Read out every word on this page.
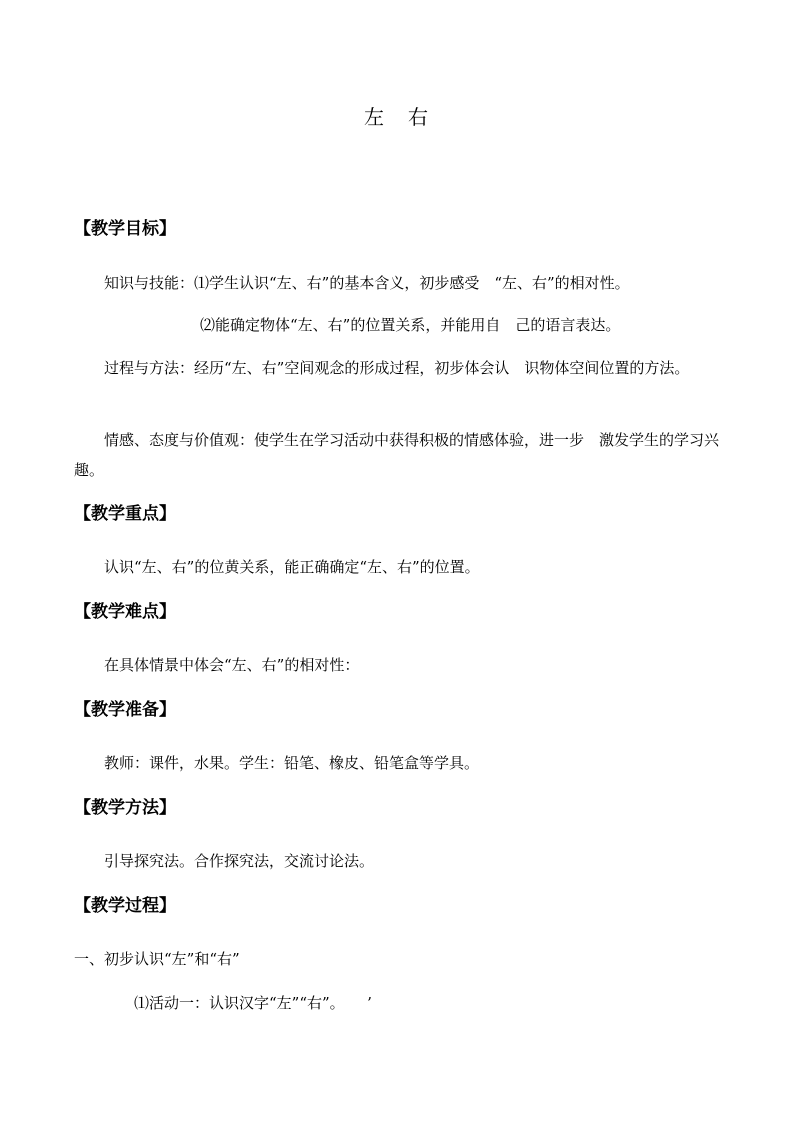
左　右
【教学目标】
知识与技能：⑴学生认识“左、右”的基本含义，初步感受　“左、右”的相对性。
⑵能确定物体“左、右”的位置关系，并能用自　己的语言表达。
过程与方法：经历“左、右”空间观念的形成过程，初步体会认　识物体空间位置的方法。
情感、态度与价值观：使学生在学习活动中获得积极的情感体验，进一步　激发学生的学习兴趣。
【教学重点】
认识“左、右”的位黄关系，能正确确定“左、右”的位置。
【教学难点】
在具体情景中体会“左、右”的相对性：
【教学准备】
教师：课件，水果。学生：铅笔、橡皮、铅笔盒等学具。
【教学方法】
引导探究法。合作探究法，交流讨论法。
【教学过程】
一、初步认识“左”和“右”
⑴活动一：认识汉字“左”“右”。　　’
